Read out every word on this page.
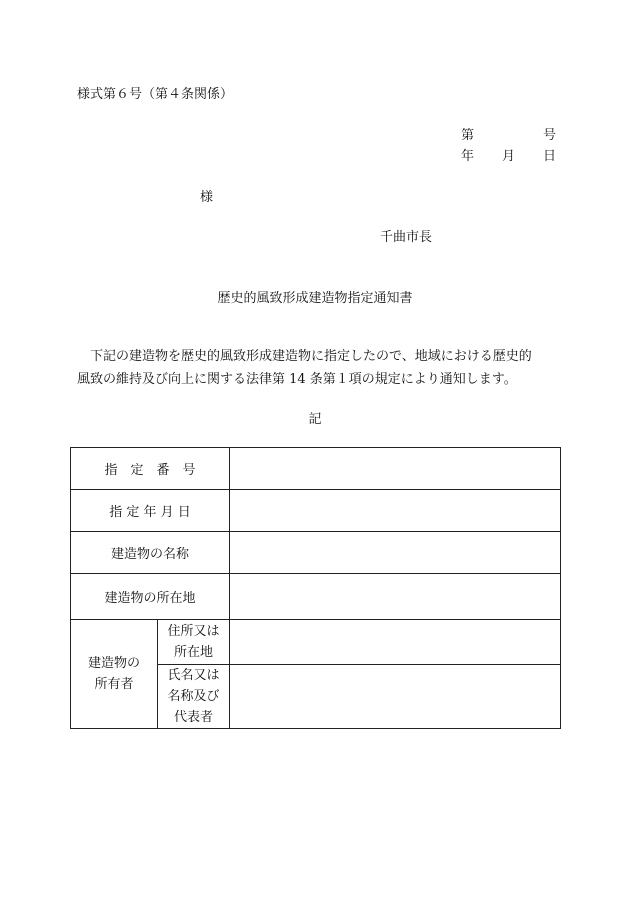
様式第６号（第４条関係）
第	号
年 月 日
様
千曲市長
歴史的風致形成建造物指定通知書

　下記の建造物を歴史的風致形成建造物に指定したので、地域における歴史的

風致の維持及び向上に関する法律第 14 条第１項の規定により通知します。

記
指　定　番　号		
指 定 年 月 日		
建造物の名称		
建造物の所在地		

建造物の所有者	住所又は所在地	

	氏名又は名称及び代表者	
